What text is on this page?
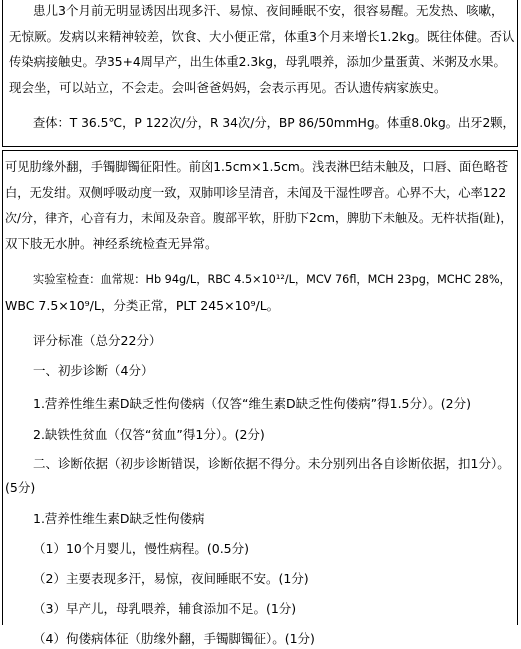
患儿3个月前无明显诱因出现多汗、易惊、夜间睡眠不安，很容易醒。无发热、咳嗽，
无惊厥。发病以来精神较差，饮食、大小便正常，体重3个月来增长1.2kg。既往体健。否认
传染病接触史。孕35+4周早产，出生体重2.3kg，母乳喂养，添加少量蛋黄、米粥及水果。
现会坐，可以站立，不会走。会叫爸爸妈妈，会表示再见。否认遗传病家族史。
查体：T 36.5℃，P 122次/分，R 34次/分，BP 86/50mmHg。体重8.0kg。出牙2颗，
可见肋缘外翻，手镯脚镯征阳性。前囟1.5cm×1.5cm。浅表淋巴结未触及，口唇、面色略苍
白，无发绀。双侧呼吸动度一致，双肺叩诊呈清音，未闻及干湿性啰音。心界不大，心率122
次/分，律齐，心音有力，未闻及杂音。腹部平软，肝肋下2cm，脾肋下未触及。无杵状指(趾)，
双下肢无水肿。神经系统检查无异常。
实验室检查：血常规：Hb 94g/L，RBC 4.5×10¹²/L，MCV 76fl，MCH 23pg，MCHC 28%，
WBC 7.5×10⁹/L，分类正常，PLT 245×10⁹/L。
评分标准（总分22分）
一、初步诊断（4分）
1.营养性维生素D缺乏性佝偻病（仅答“维生素D缺乏性佝偻病”得1.5分）。(2分)
2.缺铁性贫血（仅答“贫血”得1分）。(2分)
二、诊断依据（初步诊断错误，诊断依据不得分。未分别列出各自诊断依据，扣1分）。
(5分)
1.营养性维生素D缺乏性佝偻病
（1）10个月婴儿，慢性病程。(0.5分)
（2）主要表现多汗，易惊，夜间睡眠不安。(1分)
（3）早产儿，母乳喂养，辅食添加不足。(1分)
（4）佝偻病体征（肋缘外翻，手镯脚镯征）。(1分)
